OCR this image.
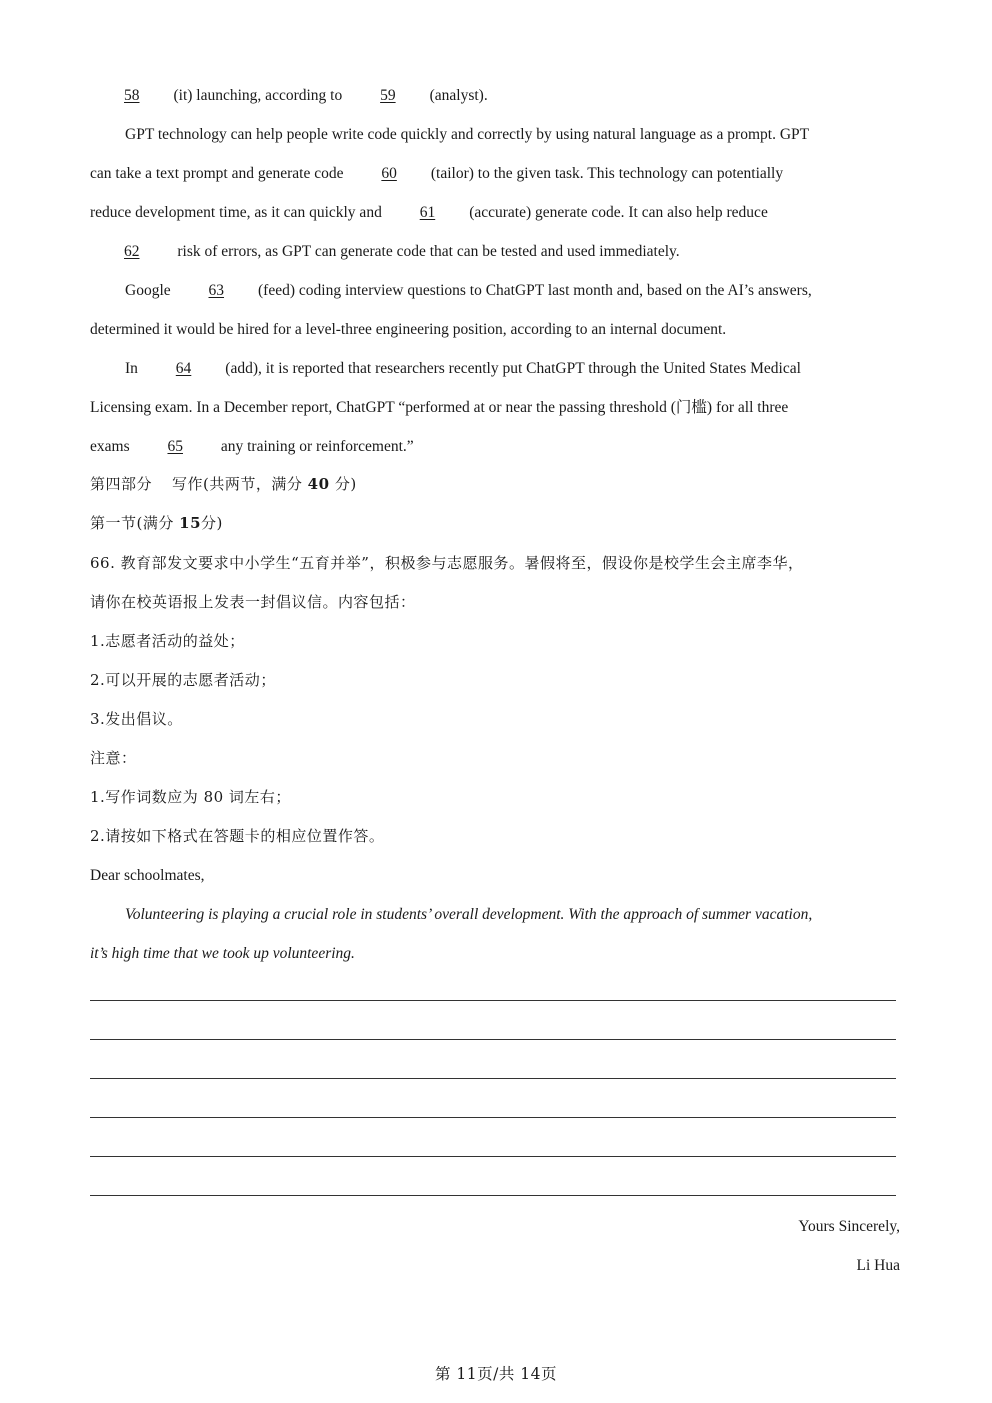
58 (it) launching, according to 59 (analyst).
GPT technology can help people write code quickly and correctly by using natural language as a prompt. GPT
can take a text prompt and generate code 60 (tailor) to the given task. This technology can potentially
reduce development time, as it can quickly and 61 (accurate) generate code. It can also help reduce
62 risk of errors, as GPT can generate code that can be tested and used immediately.
Google 63 (feed) coding interview questions to ChatGPT last month and, based on the AI’s answers,
determined it would be hired for a level-three engineering position, according to an internal document.
In 64 (add), it is reported that researchers recently put ChatGPT through the United States Medical
Licensing exam. In a December report, ChatGPT “performed at or near the passing threshold (门槛) for all three
exams 65 any training or reinforcement.”
第四部分 写作(共两节，满分 40 分)
第一节(满分 15分)
66. 教育部发文要求中小学生“五育并举”，积极参与志愿服务。暑假将至，假设你是校学生会主席李华，
请你在校英语报上发表一封倡议信。内容包括：
1.志愿者活动的益处；
2.可以开展的志愿者活动；
3.发出倡议。
注意：
1.写作词数应为 80 词左右；
2.请按如下格式在答题卡的相应位置作答。
Dear schoolmates,
Volunteering is playing a crucial role in students’ overall development. With the approach of summer vacation,
it’s high time that we took up volunteering.
Yours Sincerely,
Li Hua
第 11页/共 14页
